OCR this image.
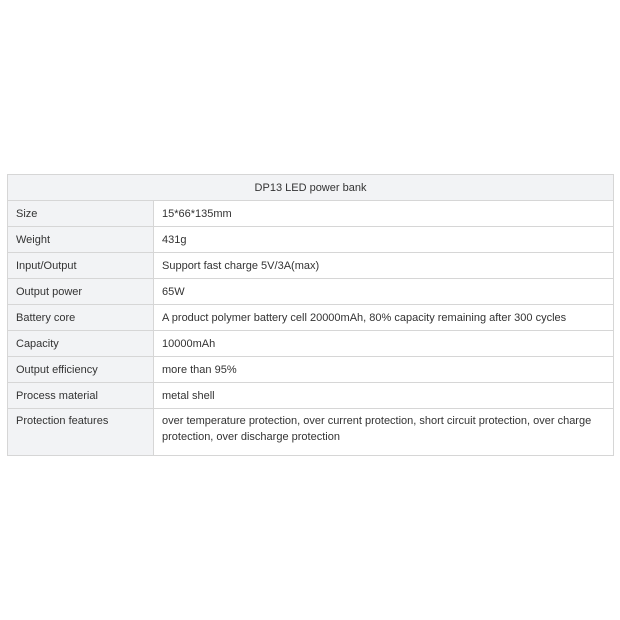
DP13 LED power bank	
Size	15*66*135mm
Weight	431g
Input/Output	Support fast charge 5V/3A(max)
Output power	65W
Battery core	A product polymer battery cell 20000mAh, 80% capacity remaining after 300 cycles
Capacity	10000mAh
Output efficiency	more than 95%
Process material	metal shell
Protection features	over temperature protection, over current protection, short circuit protection, over charge protection, over discharge protection
